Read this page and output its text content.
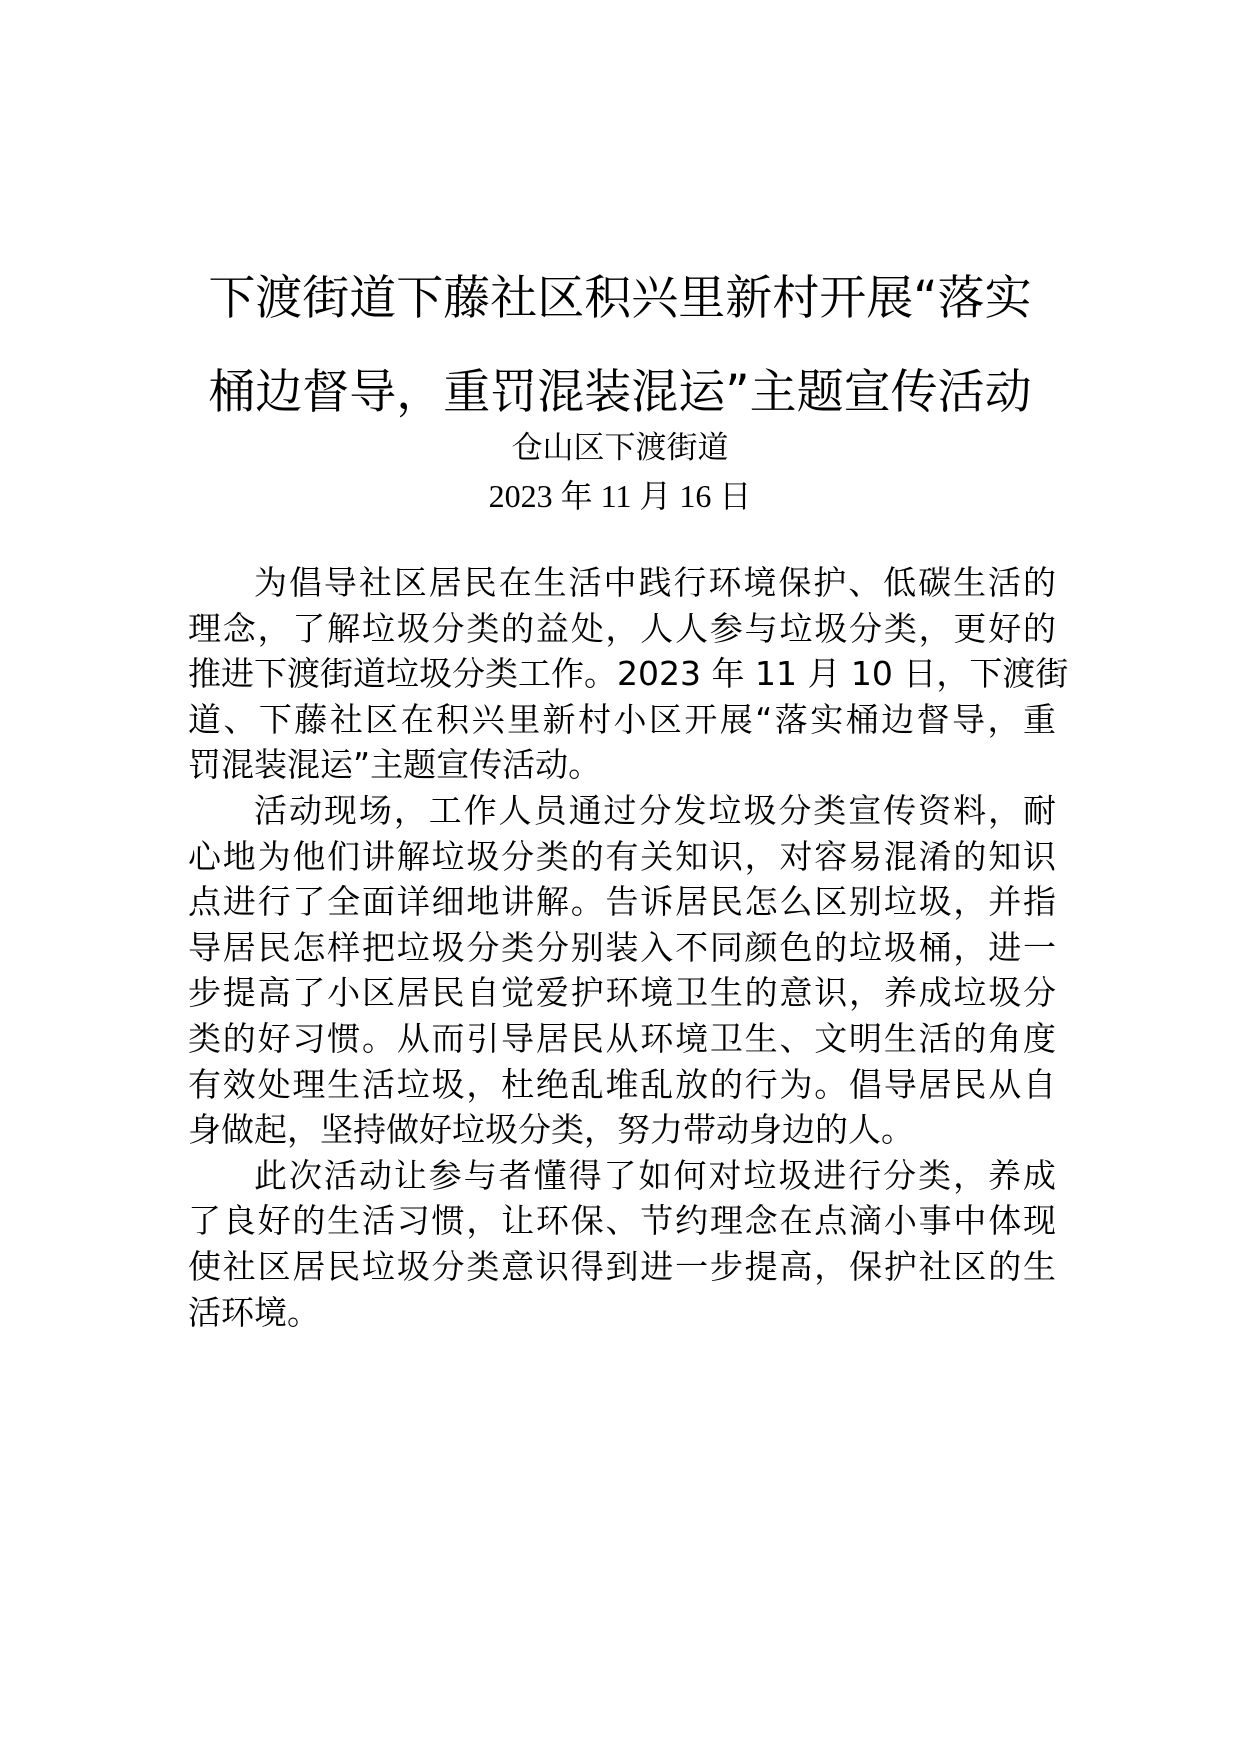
下渡街道下藤社区积兴里新村开展“落实
桶边督导，重罚混装混运”主题宣传活动
仓山区下渡街道
2023 年 11 月 16 日
为倡导社区居民在生活中践行环境保护、低碳生活的
理念，了解垃圾分类的益处，人人参与垃圾分类，更好的
推进下渡街道垃圾分类工作。2023 年 11 月 10 日，下渡街
道、下藤社区在积兴里新村小区开展“落实桶边督导，重
罚混装混运”主题宣传活动。
活动现场，工作人员通过分发垃圾分类宣传资料，耐
心地为他们讲解垃圾分类的有关知识，对容易混淆的知识
点进行了全面详细地讲解。告诉居民怎么区别垃圾，并指
导居民怎样把垃圾分类分别装入不同颜色的垃圾桶，进一
步提高了小区居民自觉爱护环境卫生的意识，养成垃圾分
类的好习惯。从而引导居民从环境卫生、文明生活的角度
有效处理生活垃圾，杜绝乱堆乱放的行为。倡导居民从自
身做起，坚持做好垃圾分类，努力带动身边的人。
此次活动让参与者懂得了如何对垃圾进行分类，养成
了良好的生活习惯，让环保、节约理念在点滴小事中体现
使社区居民垃圾分类意识得到进一步提高，保护社区的生
活环境。
